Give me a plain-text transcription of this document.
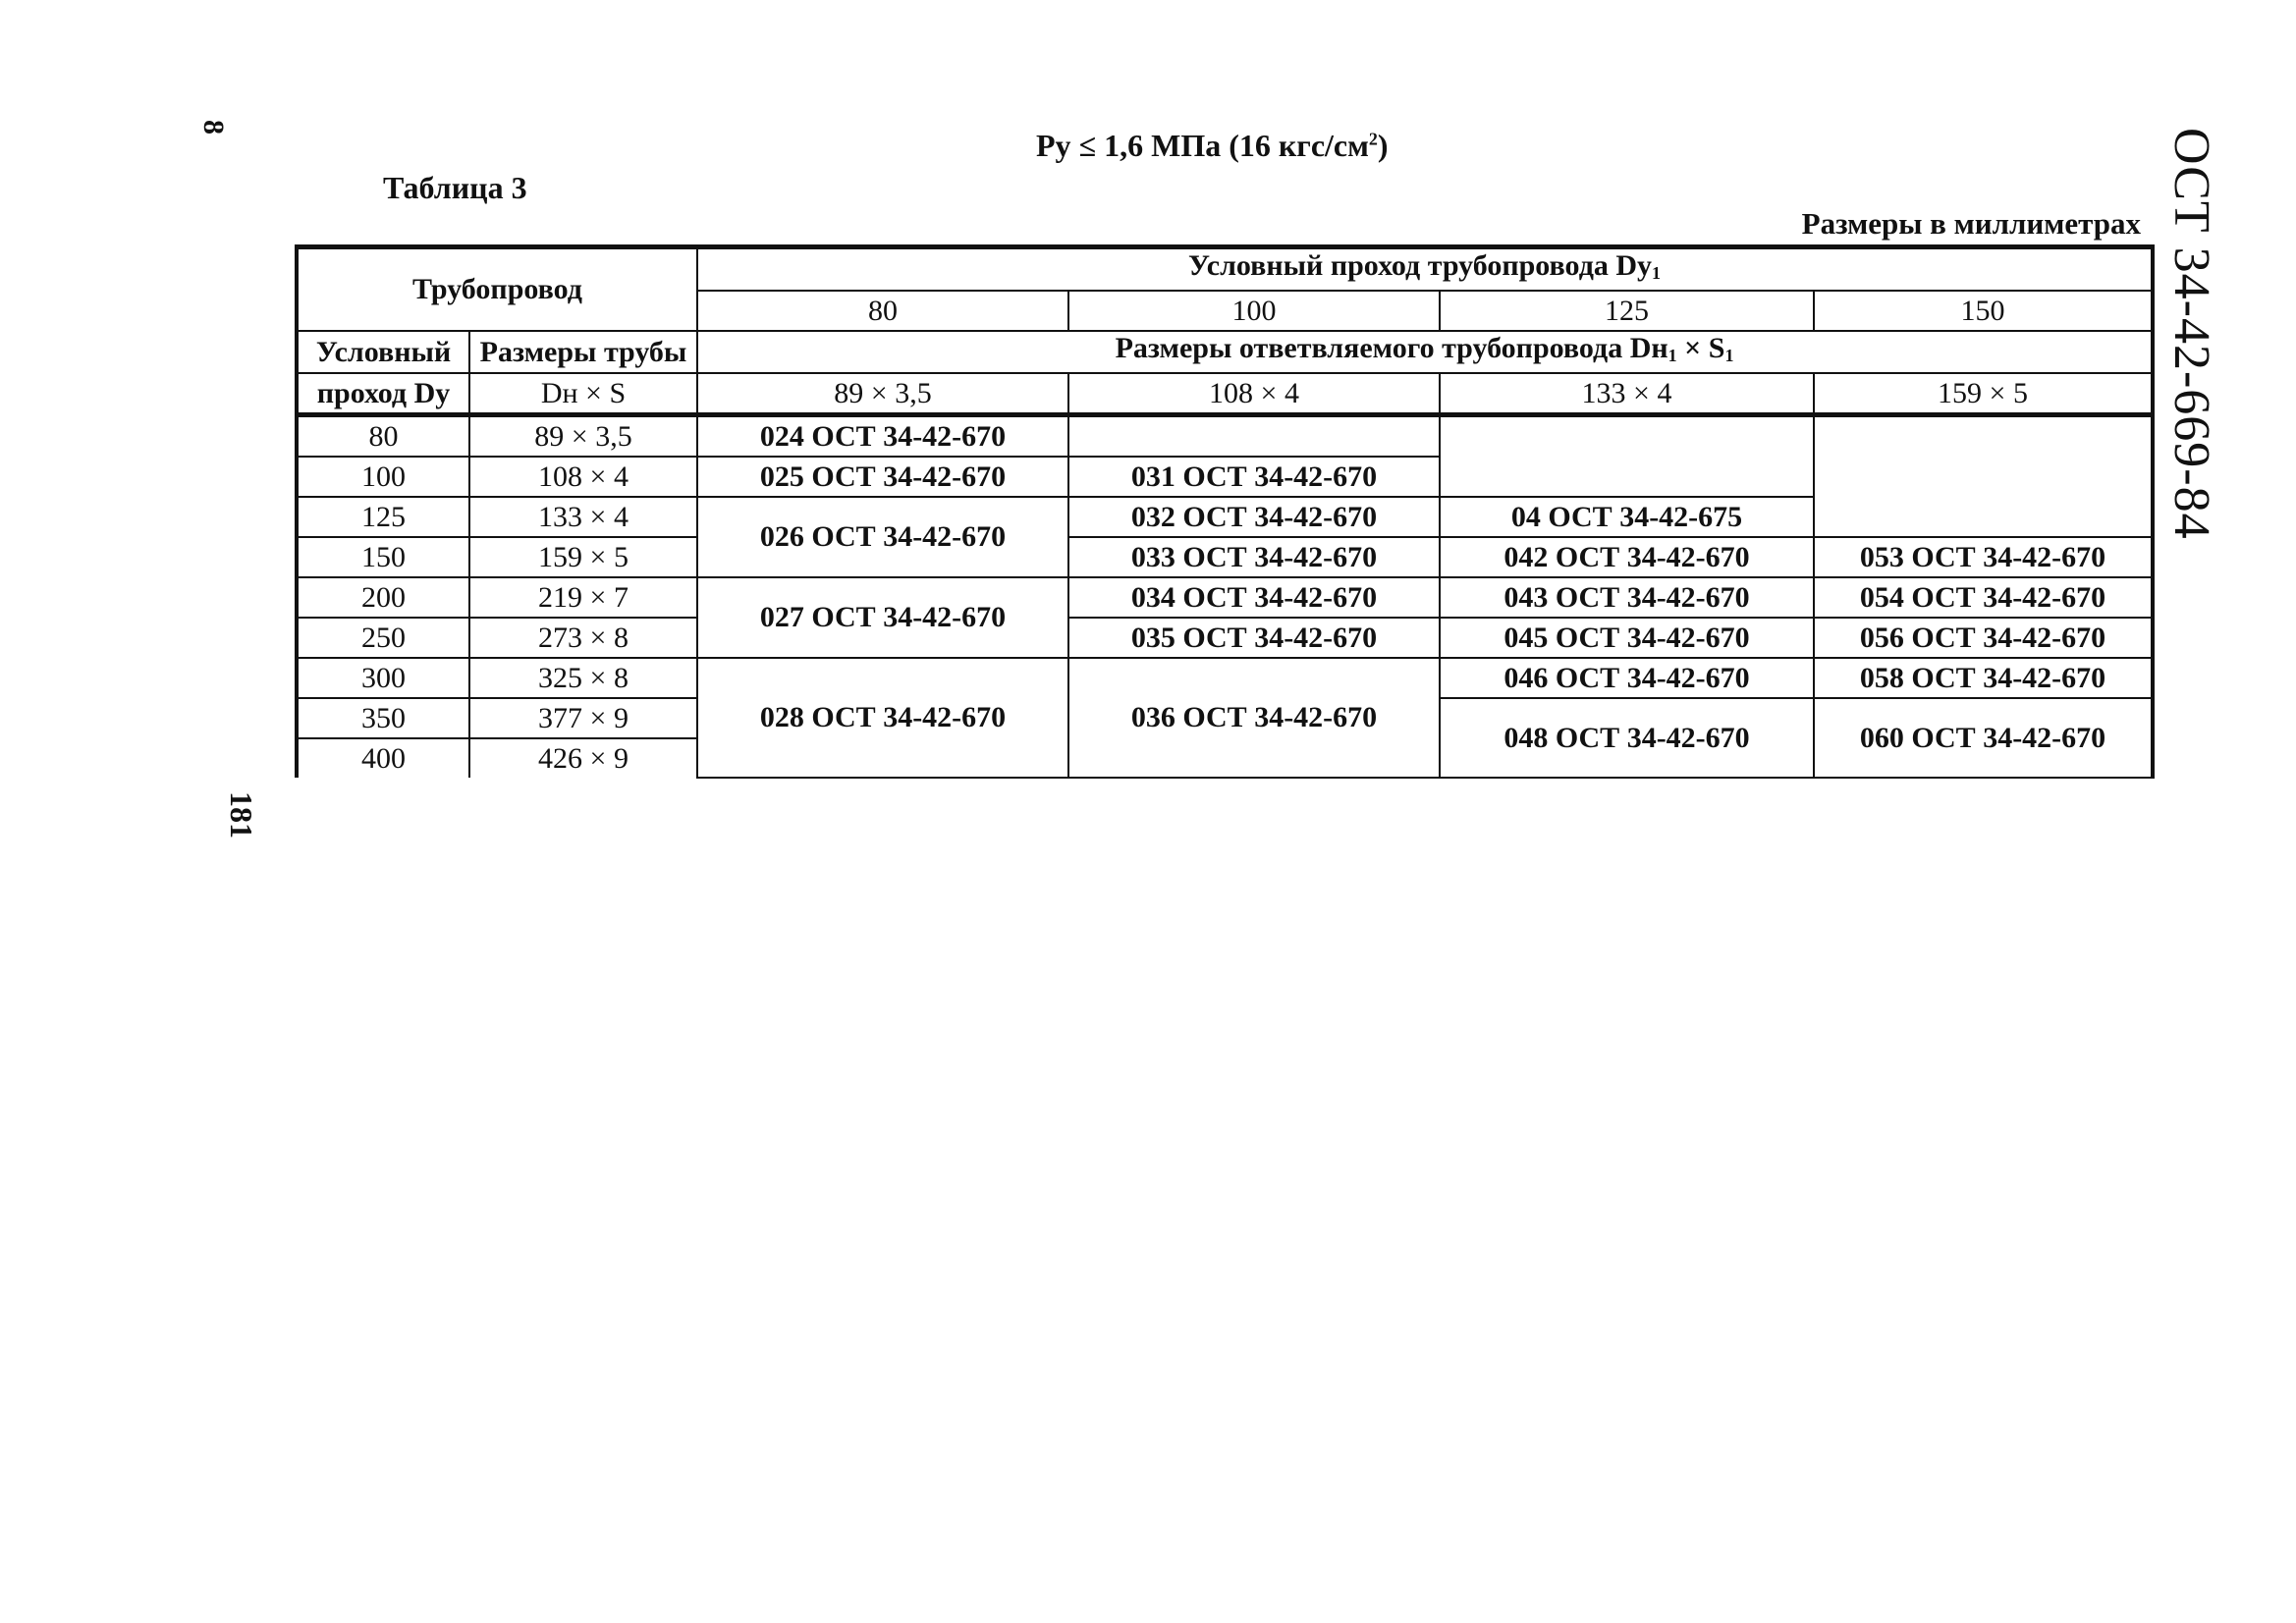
8
181
ОСТ 34-42-669-84
Ру ≤ 1,6 МПа (16 кгс/$см^2$)
Таблица 3
Размеры в миллиметрах
Трубопровод		Условный проход трубопровода $Dу_1$
		80	100	125	150
Условный	Размеры трубы	Размеры ответвляемого трубопровода $Dн_1 \times S_1$
проход Dу	Dн × S	89 × 3,5	108 × 4	133 × 4	159 × 5
80	89 × 3,5	024 ОСТ 34-42-670			
100	108 × 4	025 ОСТ 34-42-670	031 ОСТ 34-42-670		
125	133 × 4	026 ОСТ 34-42-670	032 ОСТ 34-42-670	04 ОСТ 34-42-675	
150	159 × 5		033 ОСТ 34-42-670	042 ОСТ 34-42-670	053 ОСТ 34-42-670
200	219 × 7	027 ОСТ 34-42-670	034 ОСТ 34-42-670	043 ОСТ 34-42-670	054 ОСТ 34-42-670
250	273 × 8		035 ОСТ 34-42-670	045 ОСТ 34-42-670	056 ОСТ 34-42-670
300	325 × 8	028 ОСТ 34-42-670	036 ОСТ 34-42-670	046 ОСТ 34-42-670	058 ОСТ 34-42-670
350	377 × 9			048 ОСТ 34-42-670	060 ОСТ 34-42-670
400	426 × 9				
